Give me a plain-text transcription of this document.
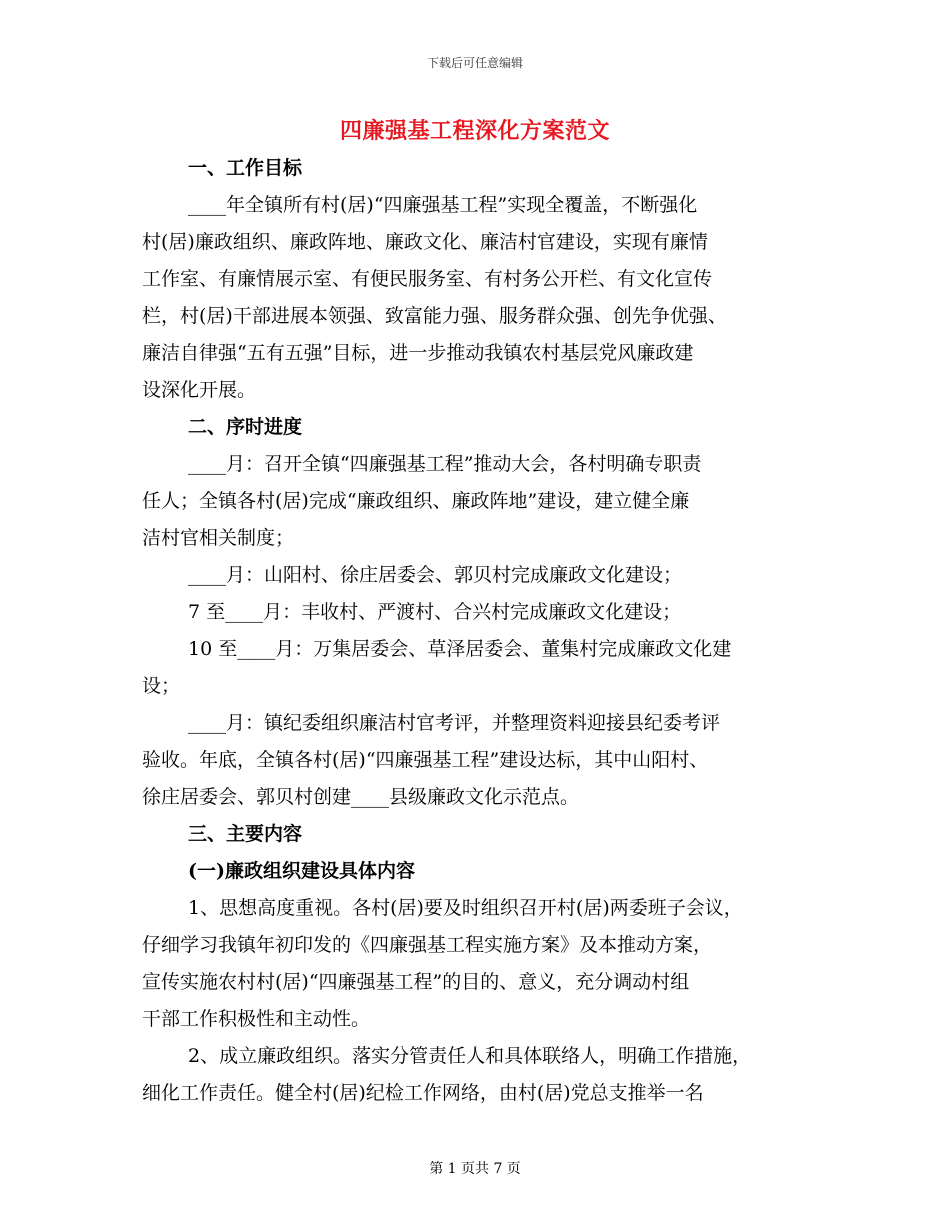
下载后可任意编辑
四廉强基工程深化方案范文
一、工作目标
____年全镇所有村(居)“四廉强基工程”实现全覆盖，不断强化
村(居)廉政组织、廉政阵地、廉政文化、廉洁村官建设，实现有廉情
工作室、有廉情展示室、有便民服务室、有村务公开栏、有文化宣传
栏，村(居)干部进展本领强、致富能力强、服务群众强、创先争优强、
廉洁自律强“五有五强”目标，进一步推动我镇农村基层党风廉政建
设深化开展。
二、序时进度
____月：召开全镇“四廉强基工程”推动大会，各村明确专职责
任人；全镇各村(居)完成“廉政组织、廉政阵地”建设，建立健全廉
洁村官相关制度；
____月：山阳村、徐庄居委会、郭贝村完成廉政文化建设；
7 至____月：丰收村、严渡村、合兴村完成廉政文化建设；
10 至____月：万集居委会、草泽居委会、董集村完成廉政文化建
设；
____月：镇纪委组织廉洁村官考评，并整理资料迎接县纪委考评
验收。年底，全镇各村(居)“四廉强基工程”建设达标，其中山阳村、
徐庄居委会、郭贝村创建____县级廉政文化示范点。
三、主要内容
(一)廉政组织建设具体内容
1、思想高度重视。各村(居)要及时组织召开村(居)两委班子会议，
仔细学习我镇年初印发的《四廉强基工程实施方案》及本推动方案，
宣传实施农村村(居)“四廉强基工程”的目的、意义，充分调动村组
干部工作积极性和主动性。
2、成立廉政组织。落实分管责任人和具体联络人，明确工作措施，
细化工作责任。健全村(居)纪检工作网络，由村(居)党总支推举一名
第 1 页共 7 页
